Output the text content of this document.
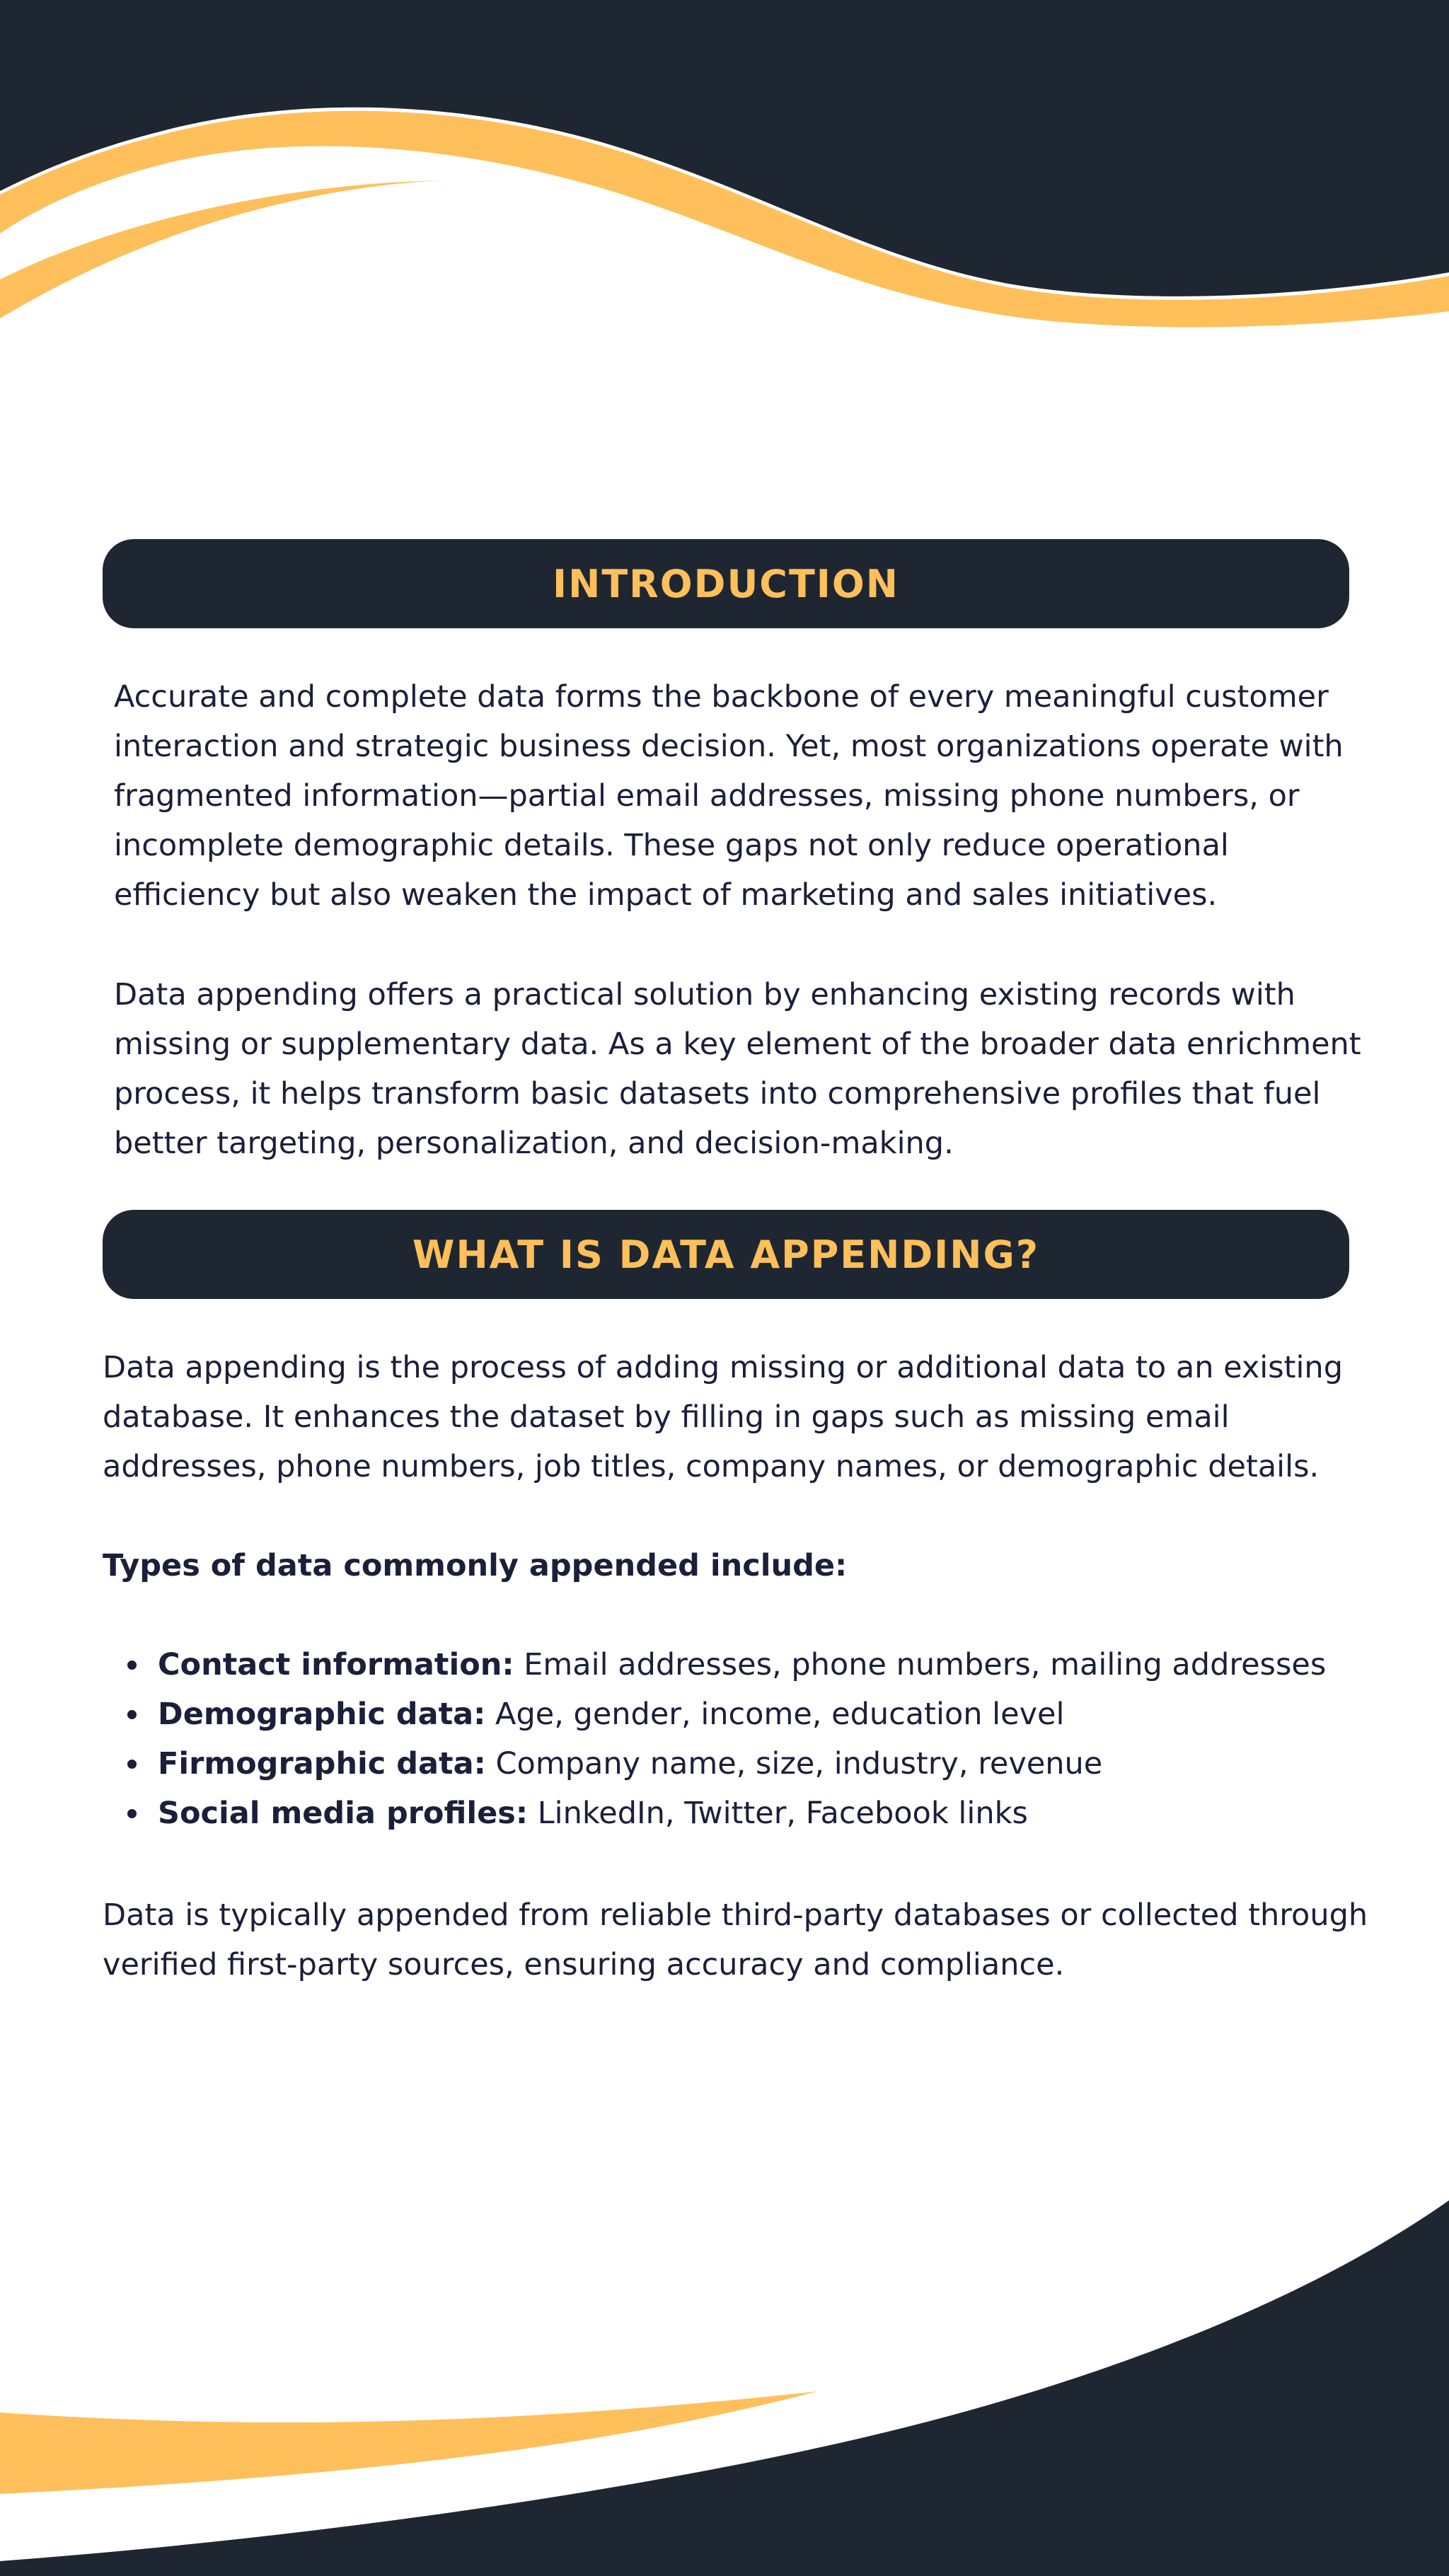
INTRODUCTION

Accurate and complete data forms the backbone of every meaningful customer interaction and strategic business decision. Yet, most organizations operate with fragmented information—partial email addresses, missing phone numbers, or incomplete demographic details. These gaps not only reduce operational efficiency but also weaken the impact of marketing and sales initiatives.

Data appending offers a practical solution by enhancing existing records with missing or supplementary data. As a key element of the broader data enrichment process, it helps transform basic datasets into comprehensive profiles that fuel better targeting, personalization, and decision-making.

WHAT IS DATA APPENDING?

Data appending is the process of adding missing or additional data to an existing database. It enhances the dataset by filling in gaps such as missing email addresses, phone numbers, job titles, company names, or demographic details.

Types of data commonly appended include:

Contact information: Email addresses, phone numbers, mailing addresses
Demographic data: Age, gender, income, education level
Firmographic data: Company name, size, industry, revenue
Social media profiles: LinkedIn, Twitter, Facebook links

Data is typically appended from reliable third-party databases or collected through verified first-party sources, ensuring accuracy and compliance.
